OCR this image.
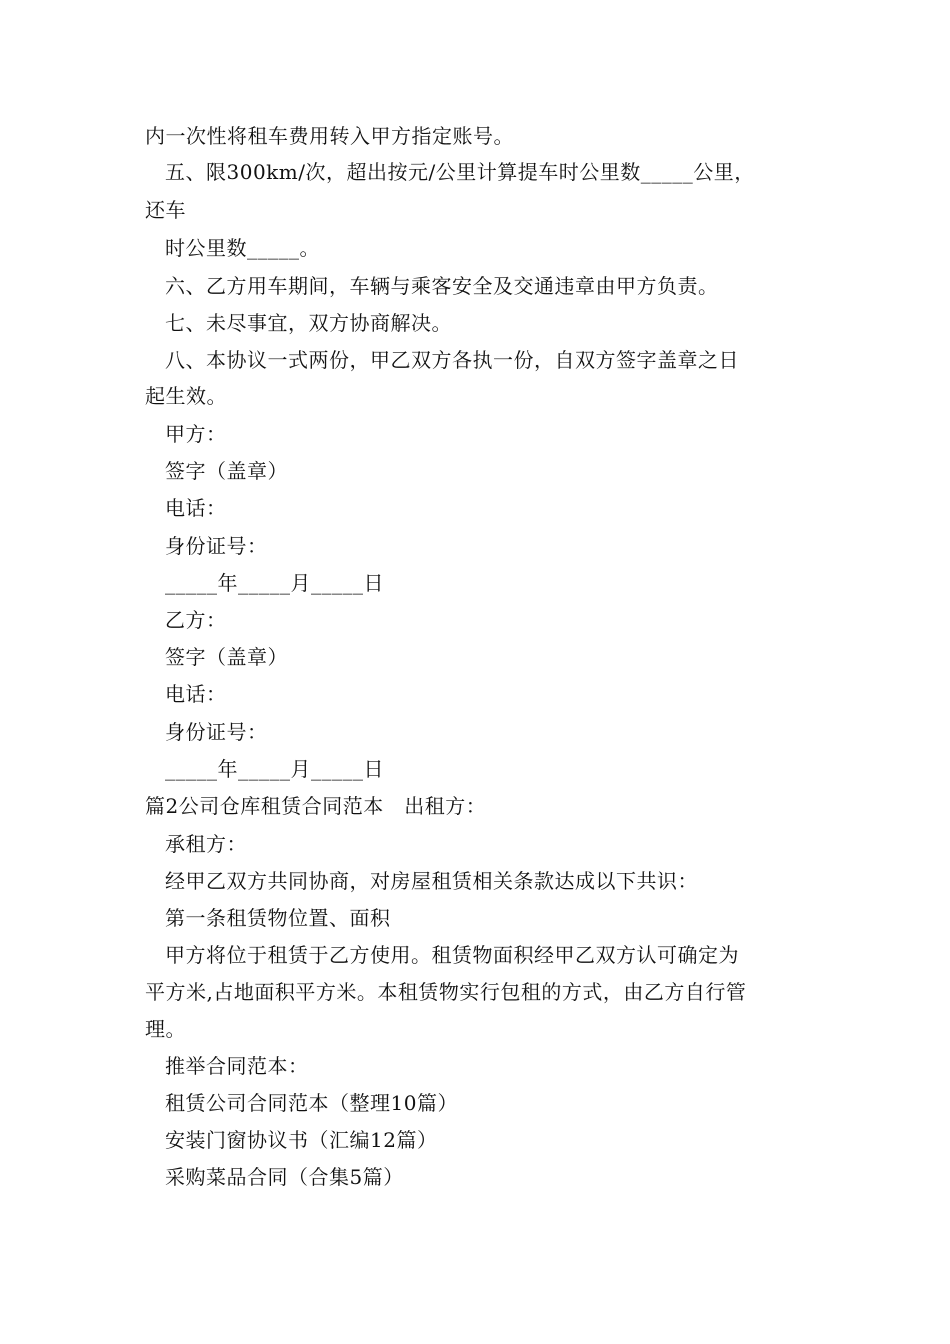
内一次性将租车费用转入甲方指定账号。
五、限300km/次，超出按元/公里计算提车时公里数_____公里，
还车
时公里数_____。
六、乙方用车期间，车辆与乘客安全及交通违章由甲方负责。
七、未尽事宜，双方协商解决。
八、本协议一式两份，甲乙双方各执一份，自双方签字盖章之日
起生效。
甲方：
签字（盖章）
电话：
身份证号：
_____年_____月_____日
乙方：
签字（盖章）
电话：
身份证号：
_____年_____月_____日
篇2公司仓库租赁合同范本　出租方：
承租方：
经甲乙双方共同协商，对房屋租赁相关条款达成以下共识：
第一条租赁物位置、面积
甲方将位于租赁于乙方使用。租赁物面积经甲乙双方认可确定为
平方米,占地面积平方米。本租赁物实行包租的方式，由乙方自行管
理。
推举合同范本：
租赁公司合同范本（整理10篇）
安装门窗协议书（汇编12篇）
采购菜品合同（合集5篇）
